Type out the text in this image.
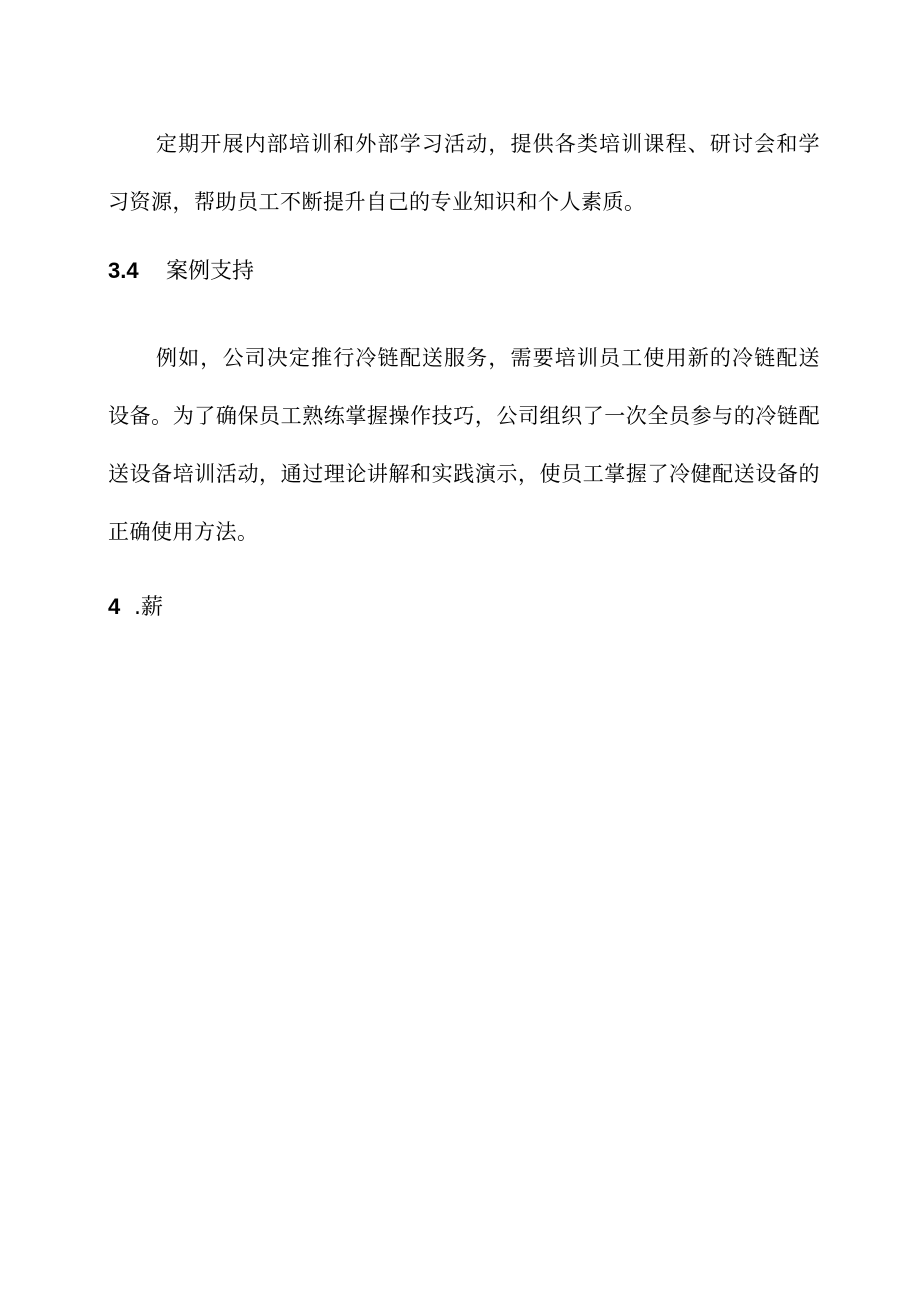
定期开展内部培训和外部学习活动，提供各类培训课程、研讨会和学习资源，帮助员工不断提升自己的专业知识和个人素质。

3.4 案例支持

例如，公司决定推行冷链配送服务，需要培训员工使用新的冷链配送设备。为了确保员工熟练掌握操作技巧，公司组织了一次全员参与的冷链配送设备培训活动，通过理论讲解和实践演示，使员工掌握了冷健配送设备的正确使用方法。

4 .薪
